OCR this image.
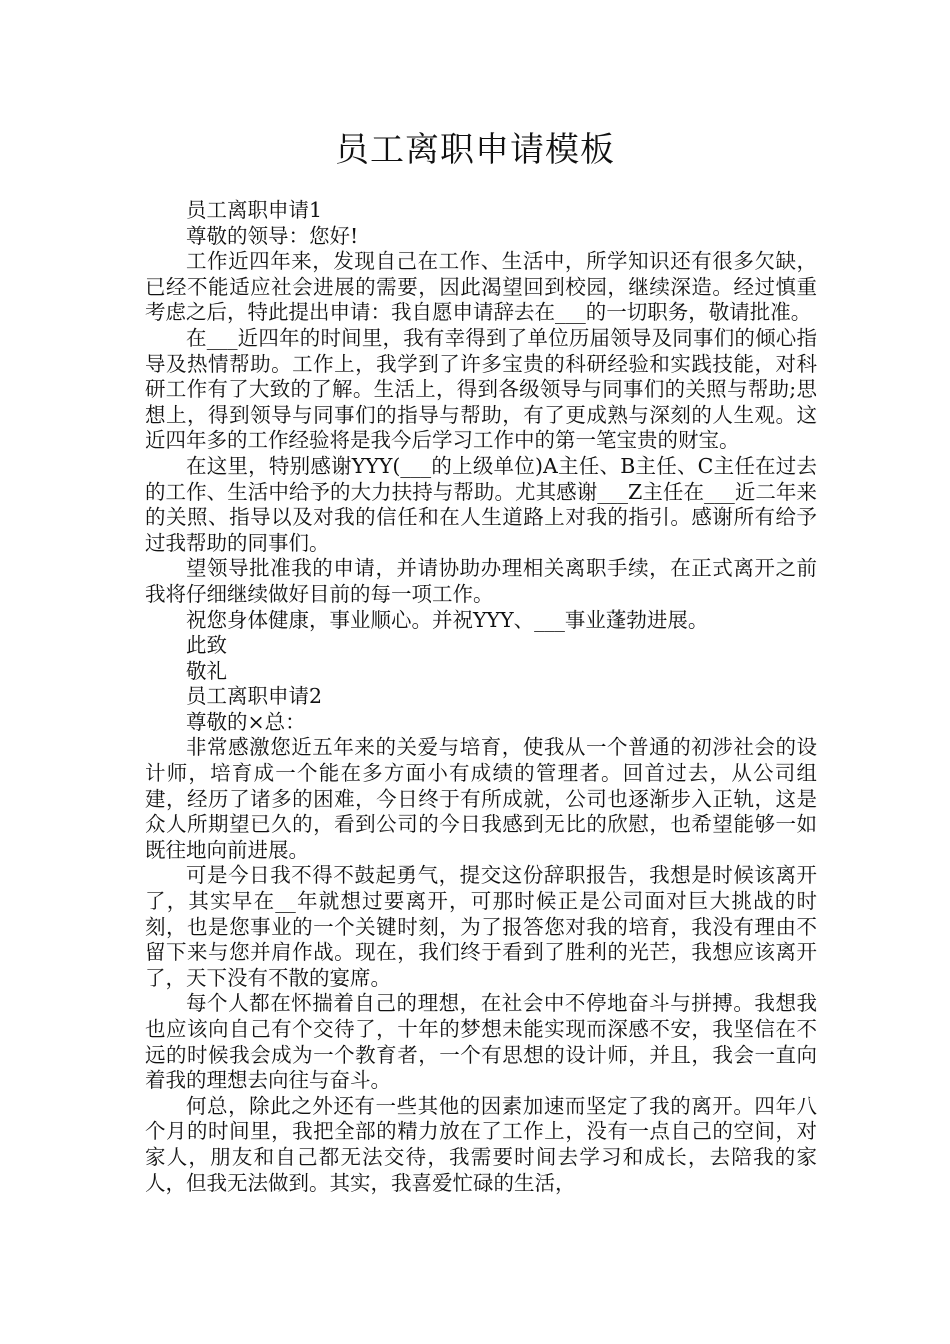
员工离职申请模板

员工离职申请1

尊敬的领导：您好!

工作近四年来，发现自己在工作、生活中，所学知识还有很多欠缺，已经不能适应社会进展的需要，因此渴望回到校园，继续深造。经过慎重考虑之后，特此提出申请：我自愿申请辞去在___的一切职务，敬请批准。

在___近四年的时间里，我有幸得到了单位历届领导及同事们的倾心指导及热情帮助。工作上，我学到了许多宝贵的科研经验和实践技能，对科研工作有了大致的了解。生活上，得到各级领导与同事们的关照与帮助;思想上，得到领导与同事们的指导与帮助，有了更成熟与深刻的人生观。这近四年多的工作经验将是我今后学习工作中的第一笔宝贵的财宝。

在这里，特别感谢YYY(___的上级单位)A主任、B主任、C主任在过去的工作、生活中给予的大力扶持与帮助。尤其感谢___Z主任在___近二年来的关照、指导以及对我的信任和在人生道路上对我的指引。感谢所有给予过我帮助的同事们。

望领导批准我的申请，并请协助办理相关离职手续，在正式离开之前我将仔细继续做好目前的每一项工作。

祝您身体健康，事业顺心。并祝YYY、___事业蓬勃进展。

此致

敬礼

员工离职申请2

尊敬的×总：

非常感激您近五年来的关爱与培育，使我从一个普通的初涉社会的设计师，培育成一个能在多方面小有成绩的管理者。回首过去，从公司组建，经历了诸多的困难，今日终于有所成就，公司也逐渐步入正轨，这是众人所期望已久的，看到公司的今日我感到无比的欣慰，也希望能够一如既往地向前进展。

可是今日我不得不鼓起勇气，提交这份辞职报告，我想是时候该离开了，其实早在__年就想过要离开，可那时候正是公司面对巨大挑战的时刻，也是您事业的一个关键时刻，为了报答您对我的培育，我没有理由不留下来与您并肩作战。现在，我们终于看到了胜利的光芒，我想应该离开了，天下没有不散的宴席。

每个人都在怀揣着自己的理想，在社会中不停地奋斗与拼搏。我想我也应该向自己有个交待了，十年的梦想未能实现而深感不安，我坚信在不远的时候我会成为一个教育者，一个有思想的设计师，并且，我会一直向着我的理想去向往与奋斗。

何总，除此之外还有一些其他的因素加速而坚定了我的离开。四年八个月的时间里，我把全部的精力放在了工作上，没有一点自己的空间，对家人，朋友和自己都无法交待，我需要时间去学习和成长，去陪我的家人，但我无法做到。其实，我喜爱忙碌的生活，
